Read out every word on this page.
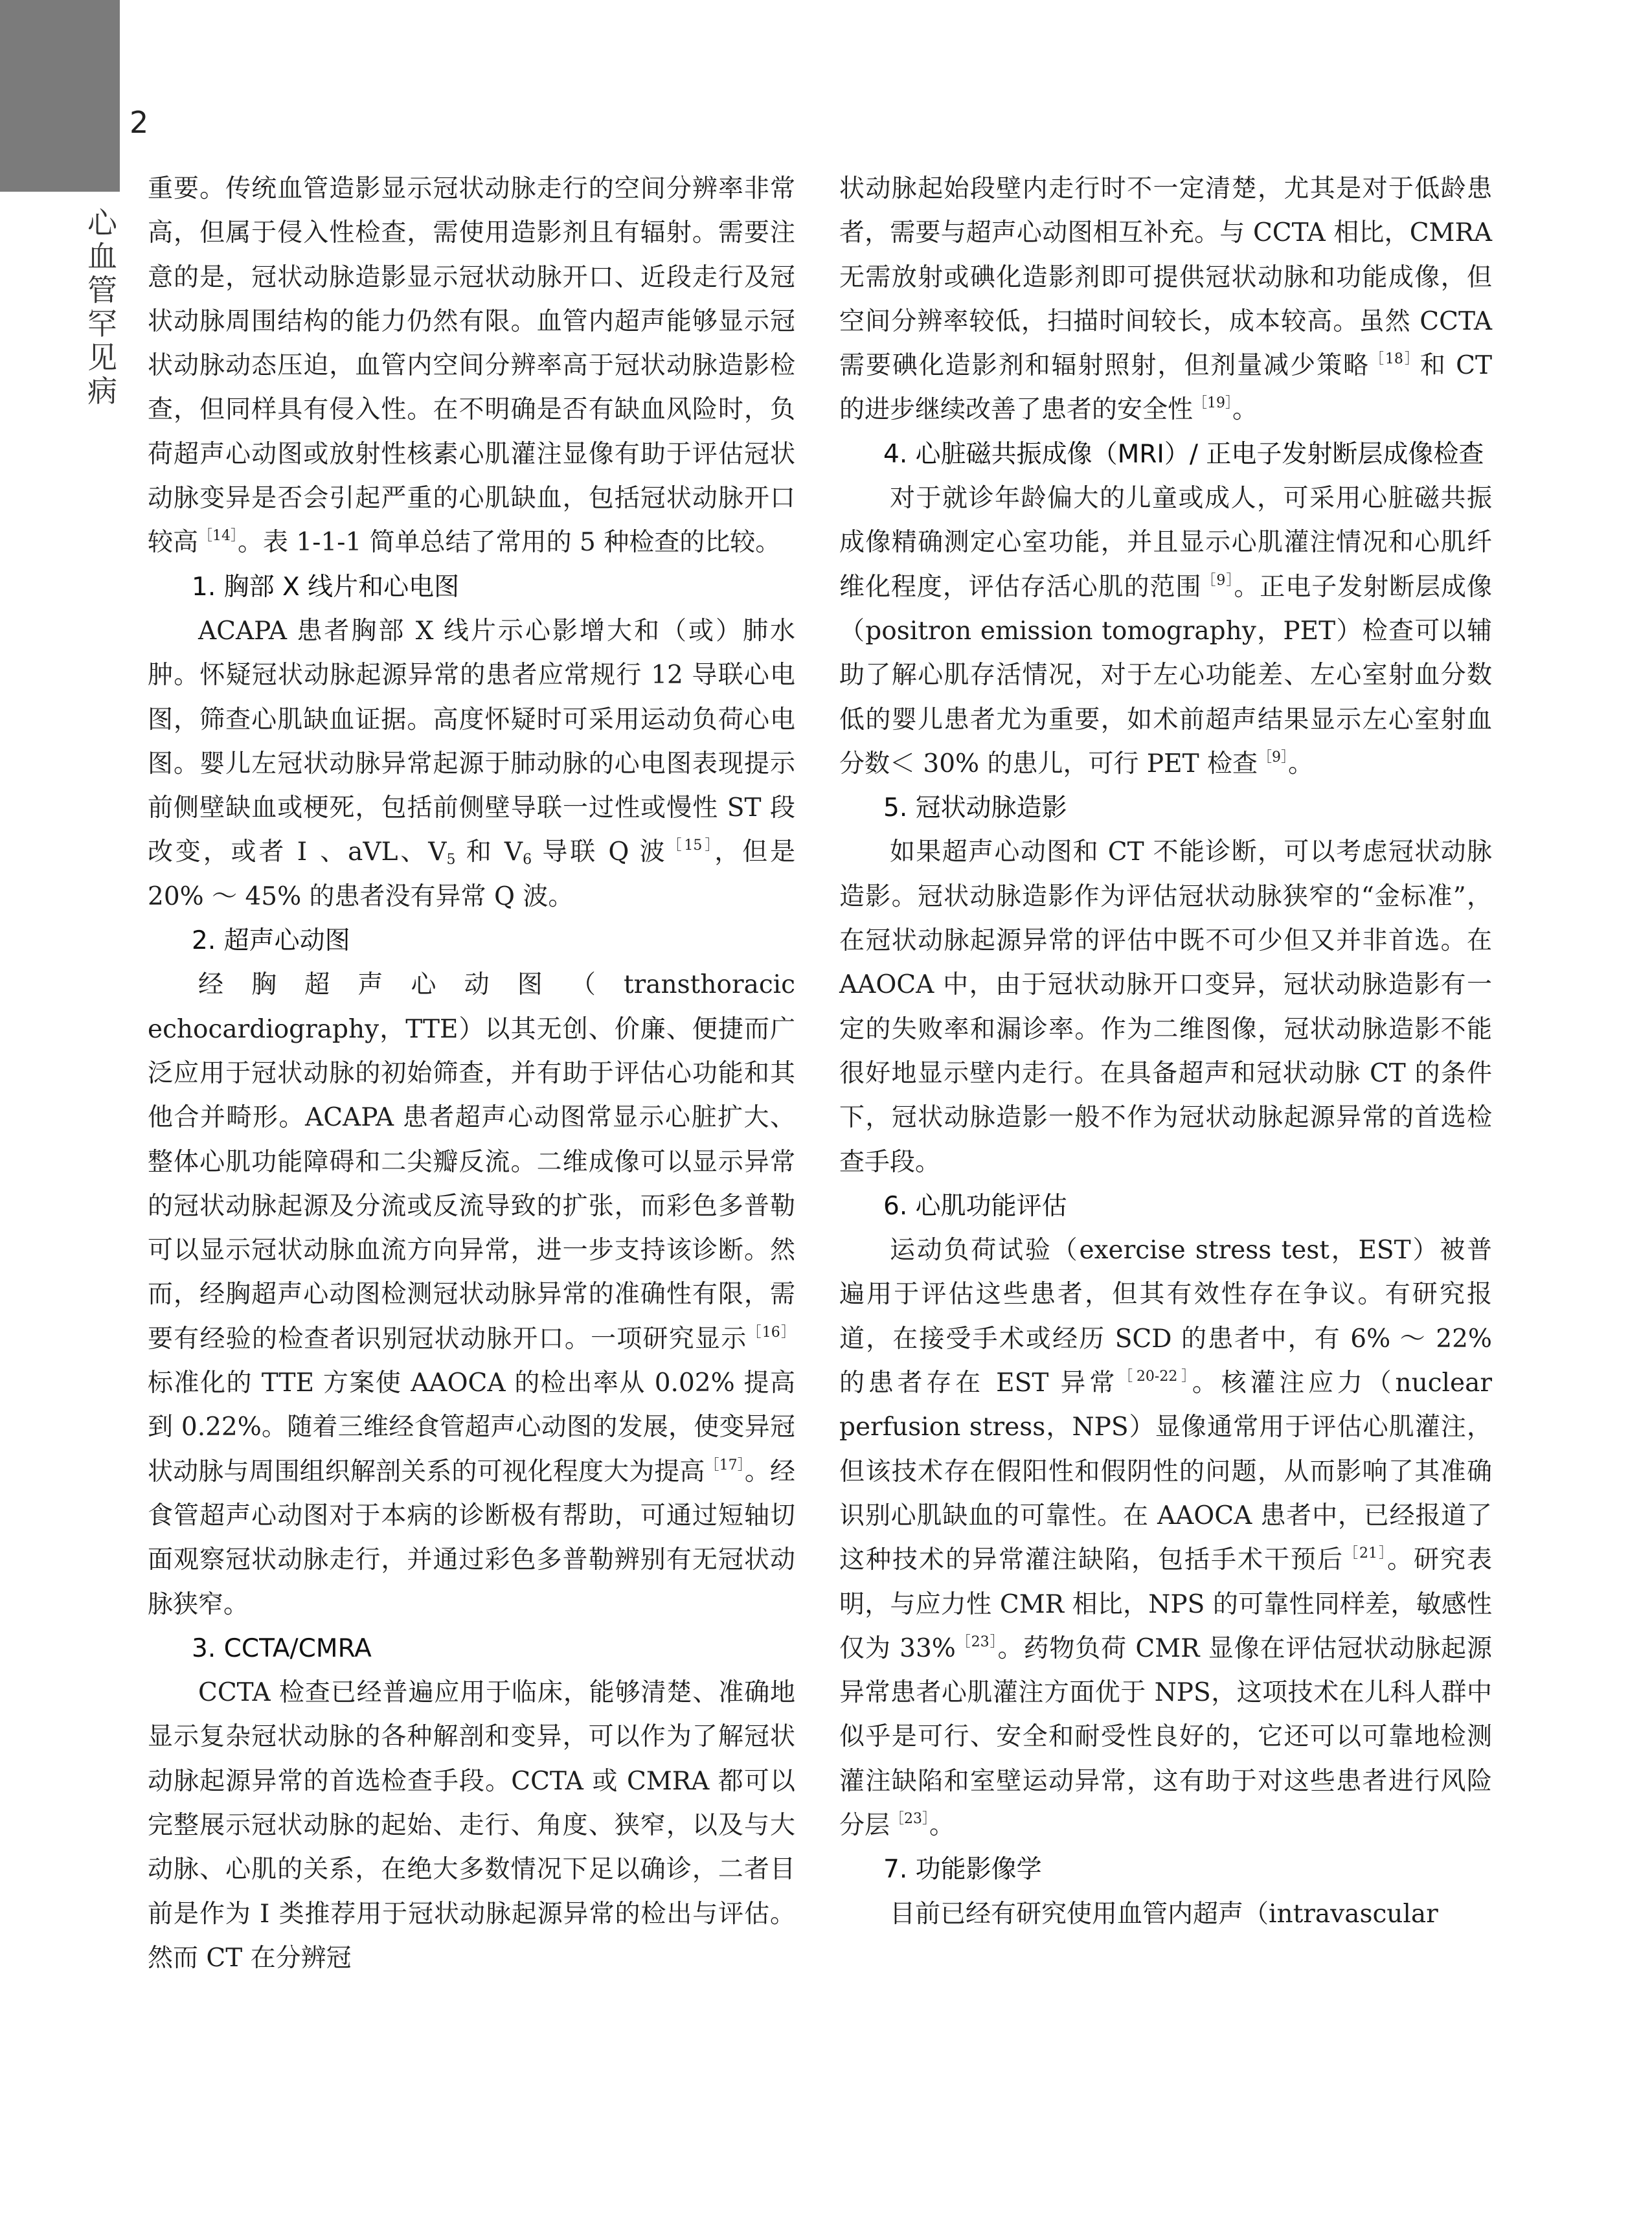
2
心血管罕见病

重要。传统血管造影显示冠状动脉走行的空间分辨率非常高，但属于侵入性检查，需使用造影剂且有辐射。需要注意的是，冠状动脉造影显示冠状动脉开口、近段走行及冠状动脉周围结构的能力仍然有限。血管内超声能够显示冠状动脉动态压迫，血管内空间分辨率高于冠状动脉造影检查，但同样具有侵入性。在不明确是否有缺血风险时，负荷超声心动图或放射性核素心肌灌注显像有助于评估冠状动脉变异是否会引起严重的心肌缺血，包括冠状动脉开口较高$^{[14]}$。表 1-1-1 简单总结了常用的 5 种检查的比较。

1. 胸部 X 线片和心电图

ACAPA 患者胸部 X 线片示心影增大和（或）肺水肿。怀疑冠状动脉起源异常的患者应常规行 12 导联心电图，筛查心肌缺血证据。高度怀疑时可采用运动负荷心电图。婴儿左冠状动脉异常起源于肺动脉的心电图表现提示前侧壁缺血或梗死，包括前侧壁导联一过性或慢性 ST 段改变，或者 Ⅰ 、aVL、$V_5$ 和 $V_6$ 导联 Q 波$^{[15]}$，但是 20% ～ 45% 的患者没有异常 Q 波。

2. 超声心动图

经胸超声心动图（transthoracic echocardiography，TTE）以其无创、价廉、便捷而广泛应用于冠状动脉的初始筛查，并有助于评估心功能和其他合并畸形。ACAPA 患者超声心动图常显示心脏扩大、整体心肌功能障碍和二尖瓣反流。二维成像可以显示异常的冠状动脉起源及分流或反流导致的扩张，而彩色多普勒可以显示冠状动脉血流方向异常，进一步支持该诊断。然而，经胸超声心动图检测冠状动脉异常的准确性有限，需要有经验的检查者识别冠状动脉开口。一项研究显示$^{[16]}$标准化的 TTE 方案使 AAOCA 的检出率从 0.02% 提高到 0.22%。随着三维经食管超声心动图的发展，使变异冠状动脉与周围组织解剖关系的可视化程度大为提高$^{[17]}$。经食管超声心动图对于本病的诊断极有帮助，可通过短轴切面观察冠状动脉走行，并通过彩色多普勒辨别有无冠状动脉狭窄。

3. CCTA/CMRA

CCTA 检查已经普遍应用于临床，能够清楚、准确地显示复杂冠状动脉的各种解剖和变异，可以作为了解冠状动脉起源异常的首选检查手段。CCTA 或 CMRA 都可以完整展示冠状动脉的起始、走行、角度、狭窄，以及与大动脉、心肌的关系，在绝大多数情况下足以确诊，二者目前是作为 Ⅰ 类推荐用于冠状动脉起源异常的检出与评估。然而 CT 在分辨冠

状动脉起始段壁内走行时不一定清楚，尤其是对于低龄患者，需要与超声心动图相互补充。与 CCTA 相比，CMRA 无需放射或碘化造影剂即可提供冠状动脉和功能成像，但空间分辨率较低，扫描时间较长，成本较高。虽然 CCTA 需要碘化造影剂和辐射照射，但剂量减少策略$^{[18]}$和 CT 的进步继续改善了患者的安全性$^{[19]}$。

4. 心脏磁共振成像（MRI）/ 正电子发射断层成像检查

对于就诊年龄偏大的儿童或成人，可采用心脏磁共振成像精确测定心室功能，并且显示心肌灌注情况和心肌纤维化程度，评估存活心肌的范围$^{[9]}$。正电子发射断层成像（positron emission tomography，PET）检查可以辅助了解心肌存活情况，对于左心功能差、左心室射血分数低的婴儿患者尤为重要，如术前超声结果显示左心室射血分数＜ 30% 的患儿，可行 PET 检查$^{[9]}$。

5. 冠状动脉造影

如果超声心动图和 CT 不能诊断，可以考虑冠状动脉造影。冠状动脉造影作为评估冠状动脉狭窄的“金标准”，在冠状动脉起源异常的评估中既不可少但又并非首选。在 AAOCA 中，由于冠状动脉开口变异，冠状动脉造影有一定的失败率和漏诊率。作为二维图像，冠状动脉造影不能很好地显示壁内走行。在具备超声和冠状动脉 CT 的条件下，冠状动脉造影一般不作为冠状动脉起源异常的首选检查手段。

6. 心肌功能评估

运动负荷试验（exercise stress test，EST）被普遍用于评估这些患者，但其有效性存在争议。有研究报道，在接受手术或经历 SCD 的患者中，有 6% ～ 22% 的患者存在 EST 异常$^{[20-22]}$。核灌注应力（nuclear perfusion stress，NPS）显像通常用于评估心肌灌注，但该技术存在假阳性和假阴性的问题，从而影响了其准确识别心肌缺血的可靠性。在 AAOCA 患者中，已经报道了这种技术的异常灌注缺陷，包括手术干预后$^{[21]}$。研究表明，与应力性 CMR 相比，NPS 的可靠性同样差，敏感性仅为 33%$^{[23]}$。药物负荷 CMR 显像在评估冠状动脉起源异常患者心肌灌注方面优于 NPS，这项技术在儿科人群中似乎是可行、安全和耐受性良好的，它还可以可靠地检测灌注缺陷和室壁运动异常，这有助于对这些患者进行风险分层$^{[23]}$。

7. 功能影像学

目前已经有研究使用血管内超声（intravascular
